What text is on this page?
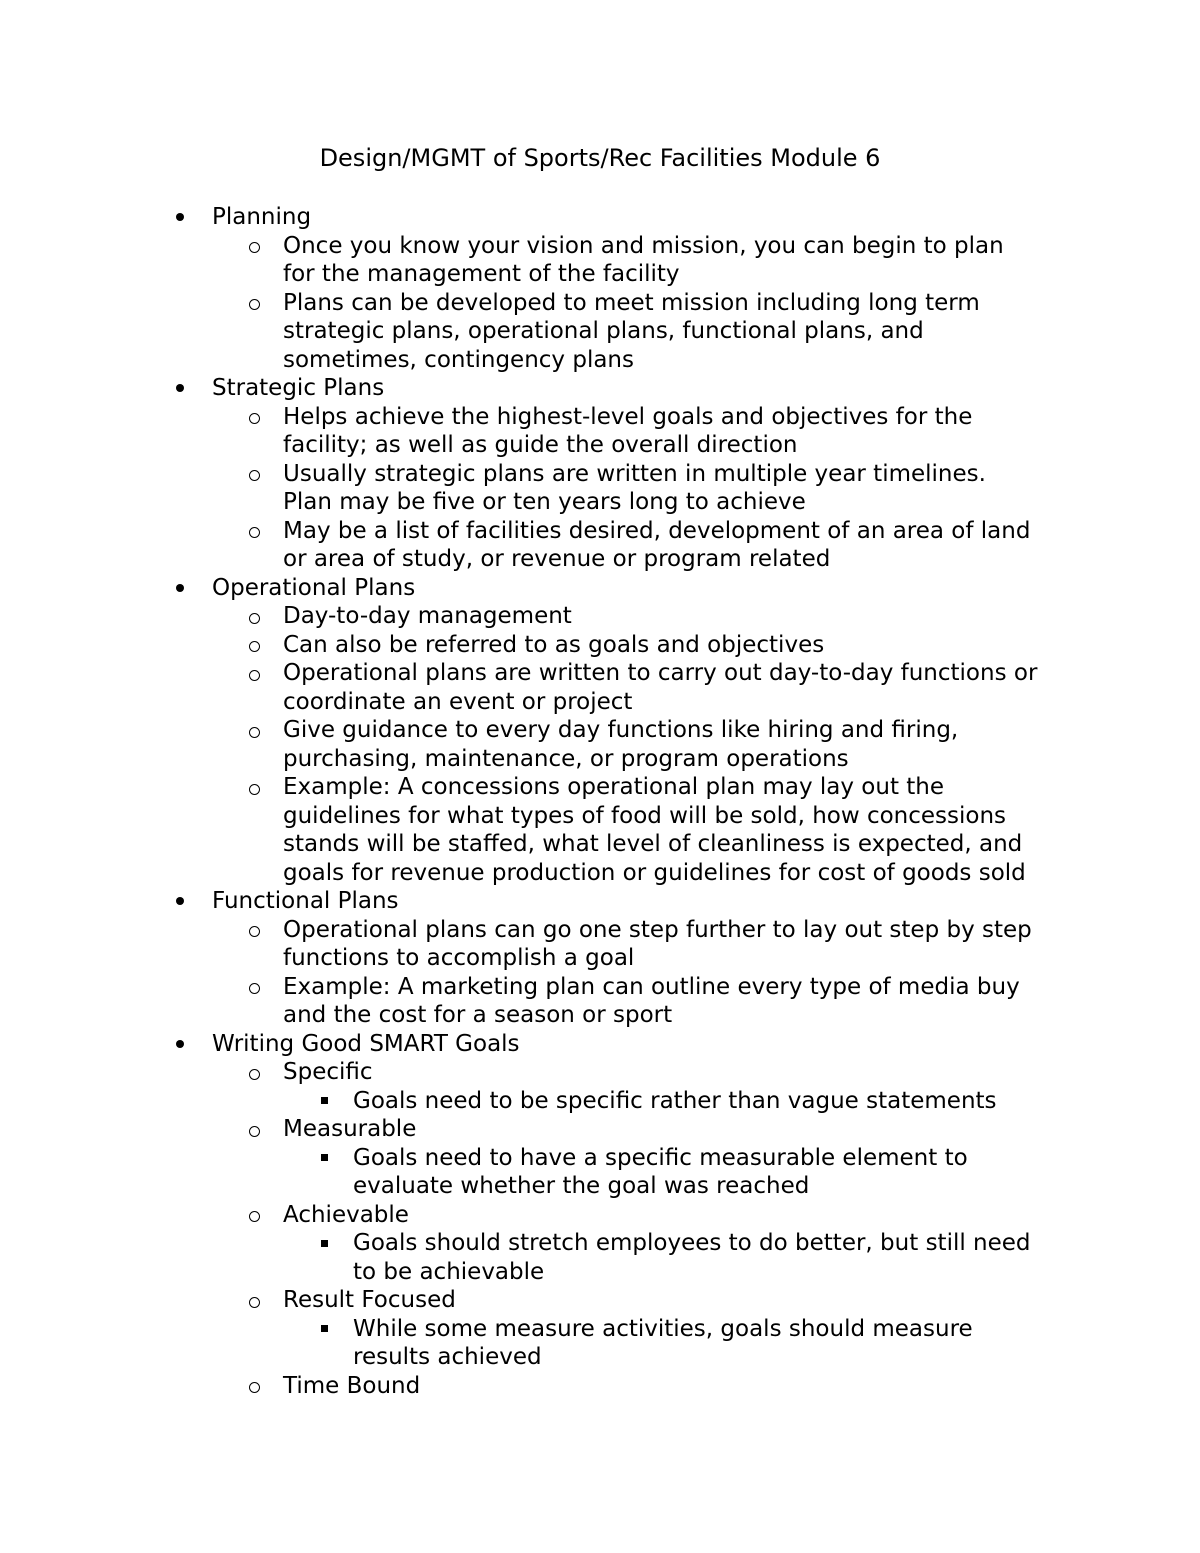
Design/MGMT of Sports/Rec Facilities Module 6
Planning
Once you know your vision and mission, you can begin to plan
for the management of the facility
Plans can be developed to meet mission including long term
strategic plans, operational plans, functional plans, and
sometimes, contingency plans
Strategic Plans
Helps achieve the highest-level goals and objectives for the
facility; as well as guide the overall direction
Usually strategic plans are written in multiple year timelines.
Plan may be five or ten years long to achieve
May be a list of facilities desired, development of an area of land
or area of study, or revenue or program related
Operational Plans
Day-to-day management
Can also be referred to as goals and objectives
Operational plans are written to carry out day-to-day functions or
coordinate an event or project
Give guidance to every day functions like hiring and firing,
purchasing, maintenance, or program operations
Example: A concessions operational plan may lay out the
guidelines for what types of food will be sold, how concessions
stands will be staffed, what level of cleanliness is expected, and
goals for revenue production or guidelines for cost of goods sold
Functional Plans
Operational plans can go one step further to lay out step by step
functions to accomplish a goal
Example: A marketing plan can outline every type of media buy
and the cost for a season or sport
Writing Good SMART Goals
Specific
Goals need to be specific rather than vague statements
Measurable
Goals need to have a specific measurable element to
evaluate whether the goal was reached
Achievable
Goals should stretch employees to do better, but still need
to be achievable
Result Focused
While some measure activities, goals should measure
results achieved
Time Bound
